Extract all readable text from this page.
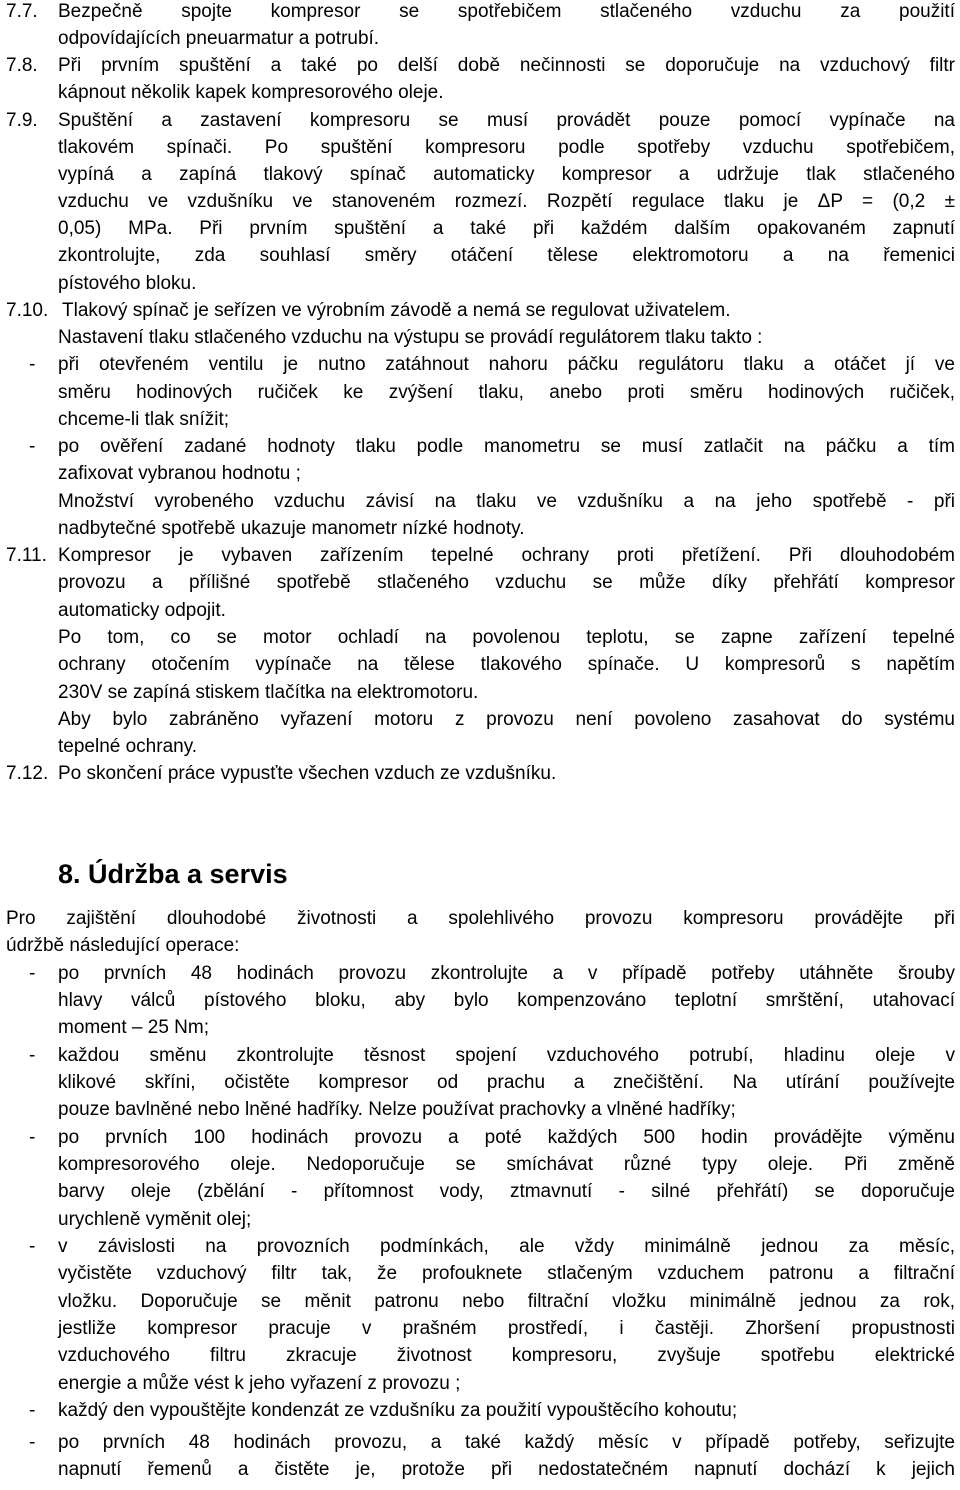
7.7. Bezpečně spojte kompresor se spotřebičem stlačeného vzduchu za použití
odpovídajících pneuarmatur a potrubí.
7.8. Při prvním spuštění a také po delší době nečinnosti se doporučuje na vzduchový filtr
kápnout několik kapek kompresorového oleje.
7.9. Spuštění a zastavení kompresoru se musí provádět pouze pomocí vypínače na
tlakovém spínači. Po spuštění kompresoru podle spotřeby vzduchu spotřebičem,
vypíná a zapíná tlakový spínač automaticky kompresor a udržuje tlak stlačeného
vzduchu ve vzdušníku ve stanoveném rozmezí. Rozpětí regulace tlaku je ΔP = (0,2 ±
0,05) MPa. Při prvním spuštění a také při každém dalším opakovaném zapnutí
zkontrolujte, zda souhlasí směry otáčení tělese elektromotoru a na řemenici
pístového bloku.
7.10. Tlakový spínač je seřízen ve výrobním závodě a nemá se regulovat uživatelem.
Nastavení tlaku stlačeného vzduchu na výstupu se provádí regulátorem tlaku takto :
- při otevřeném ventilu je nutno zatáhnout nahoru páčku regulátoru tlaku a otáčet jí ve
směru hodinových ručiček ke zvýšení tlaku, anebo proti směru hodinových ručiček,
chceme-li tlak snížit;
- po ověření zadané hodnoty tlaku podle manometru se musí zatlačit na páčku a tím
zafixovat vybranou hodnotu ;
Množství vyrobeného vzduchu závisí na tlaku ve vzdušníku a na jeho spotřebě - při
nadbytečné spotřebě ukazuje manometr nízké hodnoty.
7.11. Kompresor je vybaven zařízením tepelné ochrany proti přetížení. Při dlouhodobém
provozu a přílišné spotřebě stlačeného vzduchu se může díky přehřátí kompresor
automaticky odpojit.
Po tom, co se motor ochladí na povolenou teplotu, se zapne zařízení tepelné
ochrany otočením vypínače na tělese tlakového spínače. U kompresorů s napětím
230V se zapíná stiskem tlačítka na elektromotoru.
Aby bylo zabráněno vyřazení motoru z provozu není povoleno zasahovat do systému
tepelné ochrany.
7.12. Po skončení práce vypusťte všechen vzduch ze vzdušníku.
8. Údržba a servis
Pro zajištění dlouhodobé životnosti a spolehlivého provozu kompresoru provádějte při
údržbě následující operace:
- po prvních 48 hodinách provozu zkontrolujte a v případě potřeby utáhněte šrouby
hlavy válců pístového bloku, aby bylo kompenzováno teplotní smrštění, utahovací
moment – 25 Nm;
- každou směnu zkontrolujte těsnost spojení vzduchového potrubí, hladinu oleje v
klikové skříni, očistěte kompresor od prachu a znečištění. Na utírání používejte
pouze bavlněné nebo lněné hadříky. Nelze používat prachovky a vlněné hadříky;
- po prvních 100 hodinách provozu a poté každých 500 hodin provádějte výměnu
kompresorového oleje. Nedoporučuje se smíchávat různé typy oleje. Při změně
barvy oleje (zbělání - přítomnost vody, ztmavnutí - silné přehřátí) se doporučuje
urychleně vyměnit olej;
- v závislosti na provozních podmínkách, ale vždy minimálně jednou za měsíc,
vyčistěte vzduchový filtr tak, že profouknete stlačeným vzduchem patronu a filtrační
vložku. Doporučuje se měnit patronu nebo filtrační vložku minimálně jednou za rok,
jestliže kompresor pracuje v prašném prostředí, i častěji. Zhoršení propustnosti
vzduchového filtru zkracuje životnost kompresoru, zvyšuje spotřebu elektrické
energie a může vést k jeho vyřazení z provozu ;
- každý den vypouštějte kondenzát ze vzdušníku za použití vypouštěcího kohoutu;
- po prvních 48 hodinách provozu, a také každý měsíc v případě potřeby, seřizujte
napnutí řemenů a čistěte je, protože při nedostatečném napnutí dochází k jejich
